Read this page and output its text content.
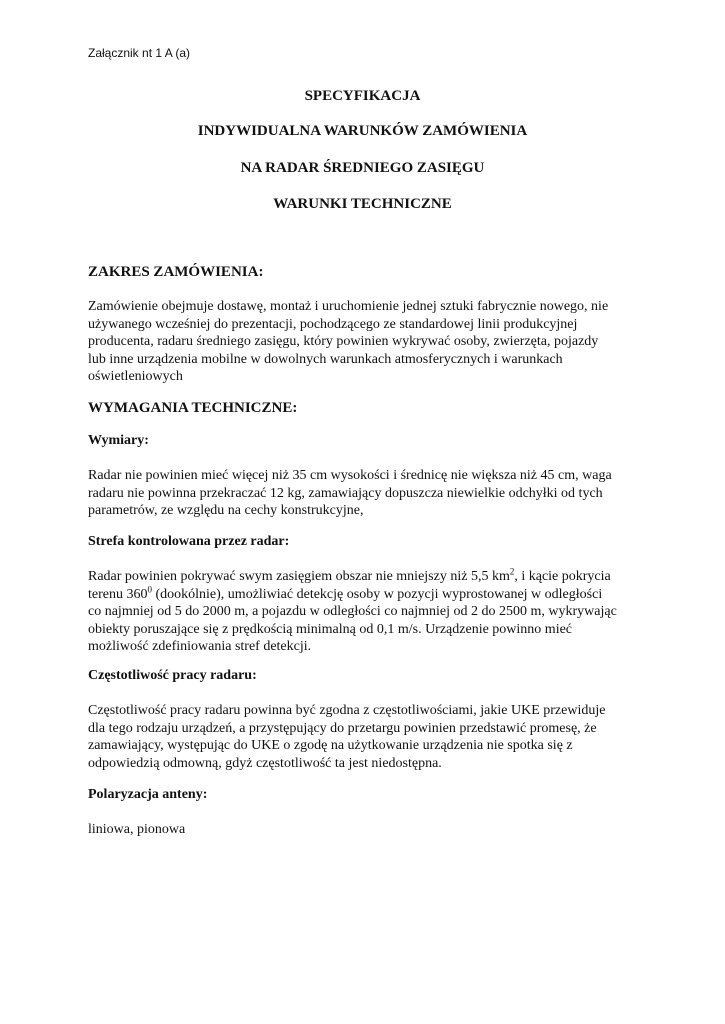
Załącznik nt 1 A (a)
SPECYFIKACJA
INDYWIDUALNA WARUNKÓW ZAMÓWIENIA
NA RADAR ŚREDNIEGO ZASIĘGU
WARUNKI TECHNICZNE
ZAKRES ZAMÓWIENIA:
Zamówienie obejmuje dostawę, montaż i uruchomienie jednej sztuki fabrycznie nowego, nie
używanego wcześniej do prezentacji, pochodzącego ze standardowej linii produkcyjnej
producenta, radaru średniego zasięgu, który powinien wykrywać osoby, zwierzęta, pojazdy
lub inne urządzenia mobilne w dowolnych warunkach atmosferycznych i warunkach
oświetleniowych
WYMAGANIA TECHNICZNE:
Wymiary:
Radar nie powinien mieć więcej niż 35 cm wysokości i średnicę nie większa niż 45 cm, waga
radaru nie powinna przekraczać 12 kg, zamawiający dopuszcza niewielkie odchyłki od tych
parametrów, ze względu na cechy konstrukcyjne,
Strefa kontrolowana przez radar:
Radar powinien pokrywać swym zasięgiem obszar nie mniejszy niż 5,5 $km^2$, i kącie pokrycia
terenu $360^0$ (dookólnie), umożliwiać detekcję osoby w pozycji wyprostowanej w odległości
co najmniej od 5 do 2000 m, a pojazdu w odległości co najmniej od 2 do 2500 m, wykrywając
obiekty poruszające się z prędkością minimalną od 0,1 m/s. Urządzenie powinno mieć
możliwość zdefiniowania stref detekcji.
Częstotliwość pracy radaru:
Częstotliwość pracy radaru powinna być zgodna z częstotliwościami, jakie UKE przewiduje
dla tego rodzaju urządzeń, a przystępujący do przetargu powinien przedstawić promesę, że
zamawiający, występując do UKE o zgodę na użytkowanie urządzenia nie spotka się z
odpowiedzią odmowną, gdyż częstotliwość ta jest niedostępna.
Polaryzacja anteny:
liniowa, pionowa
